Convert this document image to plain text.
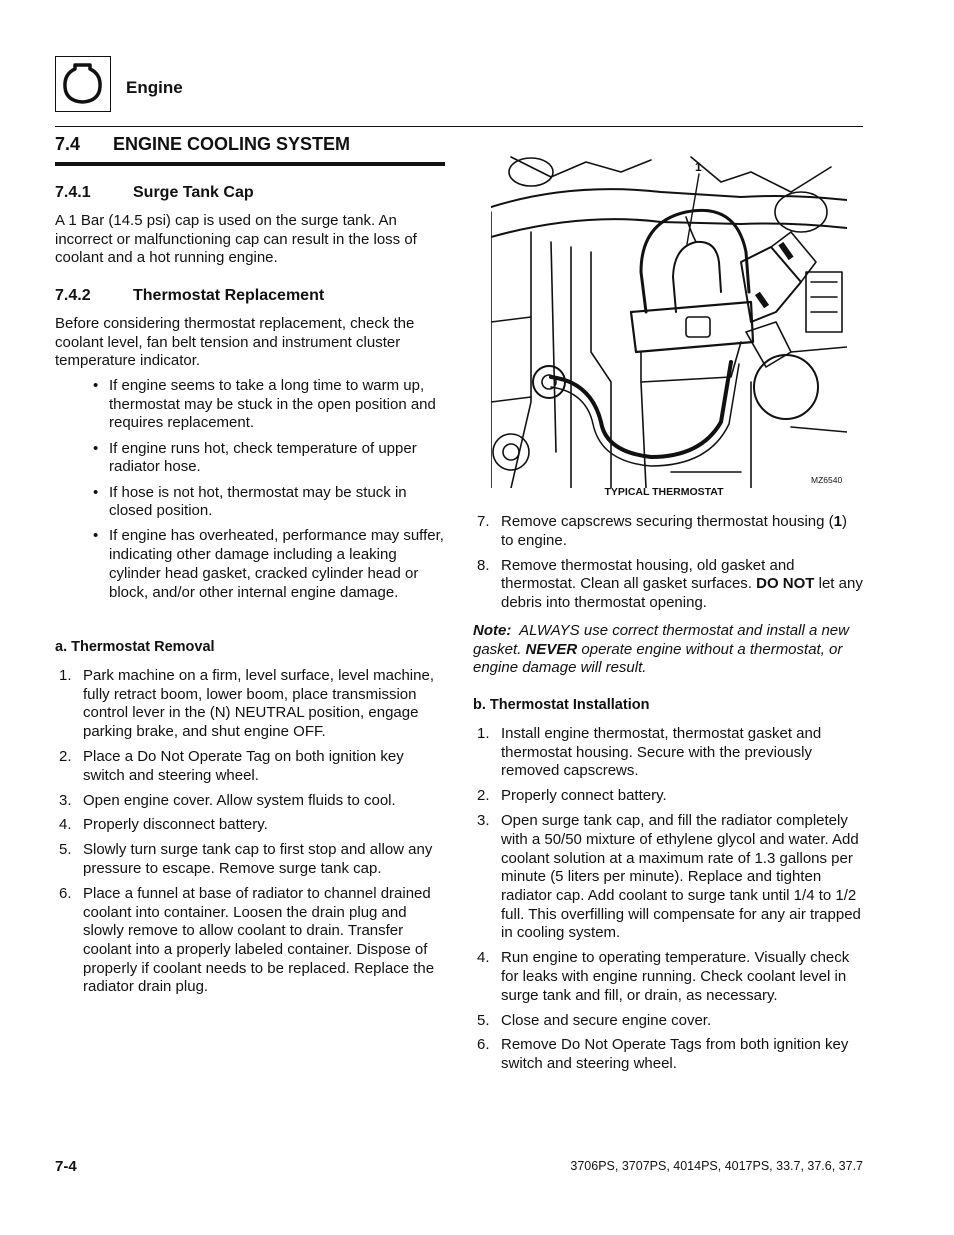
Engine
7.4 ENGINE COOLING SYSTEM
7.4.1	Surge Tank Cap

A 1 Bar (14.5 psi) cap is used on the surge tank. An incorrect or malfunctioning cap can result in the loss of coolant and a hot running engine.

7.4.2	Thermostat Replacement

Before considering thermostat replacement, check the coolant level, fan belt tension and instrument cluster temperature indicator.

• If engine seems to take a long time to warm up, thermostat may be stuck in the open position and requires replacement.
• If engine runs hot, check temperature of upper radiator hose.
• If hose is not hot, thermostat may be stuck in closed position.
• If engine has overheated, performance may suffer, indicating other damage including a leaking cylinder head gasket, cracked cylinder head or block, and/or other internal engine damage.
a. Thermostat Removal
1. Park machine on a firm, level surface, level machine, fully retract boom, lower boom, place transmission control lever in the (N) NEUTRAL position, engage parking brake, and shut engine OFF.
2. Place a Do Not Operate Tag on both ignition key switch and steering wheel.
3. Open engine cover. Allow system fluids to cool.
4. Properly disconnect battery.
5. Slowly turn surge tank cap to first stop and allow any pressure to escape. Remove surge tank cap.
6. Place a funnel at base of radiator to channel drained coolant into container. Loosen the drain plug and slowly remove to allow coolant to drain. Transfer coolant into a properly labeled container. Dispose of properly if coolant needs to be replaced. Replace the radiator drain plug.
1
MZ6540
TYPICAL THERMOSTAT
7. Remove capscrews securing thermostat housing (1) to engine.
8. Remove thermostat housing, old gasket and thermostat. Clean all gasket surfaces. DO NOT let any debris into thermostat opening.

Note:  ALWAYS use correct thermostat and install a new gasket. NEVER operate engine without a thermostat, or engine damage will result.

b. Thermostat Installation
1. Install engine thermostat, thermostat gasket and thermostat housing. Secure with the previously removed capscrews.
2. Properly connect battery.
3. Open surge tank cap, and fill the radiator completely with a 50/50 mixture of ethylene glycol and water. Add coolant solution at a maximum rate of 1.3 gallons per minute (5 liters per minute). Replace and tighten radiator cap. Add coolant to surge tank until 1/4 to 1/2 full. This overfilling will compensate for any air trapped in cooling system.
4. Run engine to operating temperature. Visually check for leaks with engine running. Check coolant level in surge tank and fill, or drain, as necessary.
5. Close and secure engine cover.
6. Remove Do Not Operate Tags from both ignition key switch and steering wheel.
7-4	3706PS, 3707PS, 4014PS, 4017PS, 33.7, 37.6, 37.7
